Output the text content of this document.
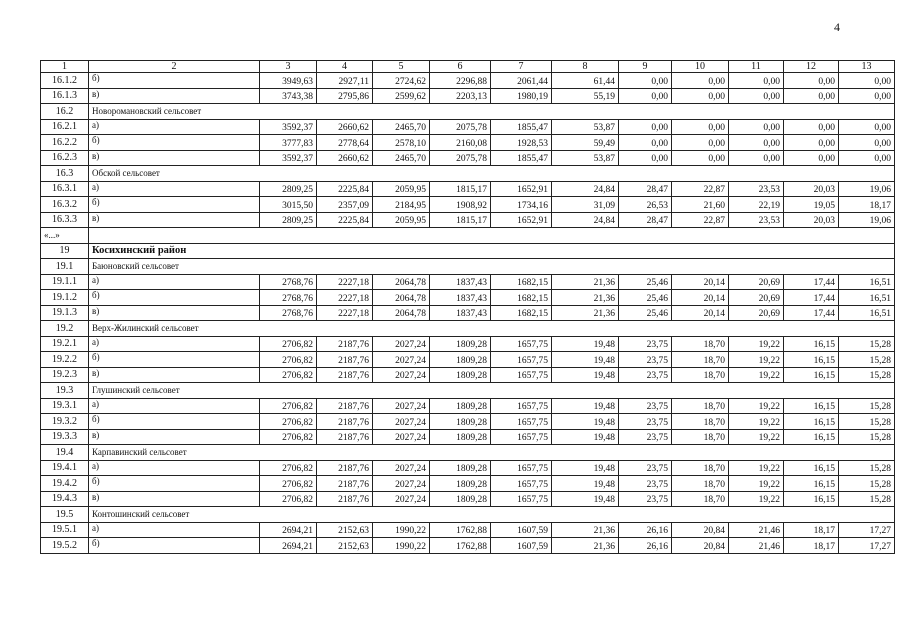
4
1	2	3	4	5	6	7	8	9	10	11	12	13
16.1.2	б)	3949,63	2927,11	2724,62	2296,88	2061,44	61,44	0,00	0,00	0,00	0,00	0,00
16.1.3	в)	3743,38	2795,86	2599,62	2203,13	1980,19	55,19	0,00	0,00	0,00	0,00	0,00
16.2	Новоромановский сельсовет											
16.2.1	а)	3592,37	2660,62	2465,70	2075,78	1855,47	53,87	0,00	0,00	0,00	0,00	0,00
16.2.2	б)	3777,83	2778,64	2578,10	2160,08	1928,53	59,49	0,00	0,00	0,00	0,00	0,00
16.2.3	в)	3592,37	2660,62	2465,70	2075,78	1855,47	53,87	0,00	0,00	0,00	0,00	0,00
16.3	Обской сельсовет											
16.3.1	а)	2809,25	2225,84	2059,95	1815,17	1652,91	24,84	28,47	22,87	23,53	20,03	19,06
16.3.2	б)	3015,50	2357,09	2184,95	1908,92	1734,16	31,09	26,53	21,60	22,19	19,05	18,17
16.3.3	в)	2809,25	2225,84	2059,95	1815,17	1652,91	24,84	28,47	22,87	23,53	20,03	19,06
«...»												
19	Косихинский район											
19.1	Баюновский сельсовет											
19.1.1	а)	2768,76	2227,18	2064,78	1837,43	1682,15	21,36	25,46	20,14	20,69	17,44	16,51
19.1.2	б)	2768,76	2227,18	2064,78	1837,43	1682,15	21,36	25,46	20,14	20,69	17,44	16,51
19.1.3	в)	2768,76	2227,18	2064,78	1837,43	1682,15	21,36	25,46	20,14	20,69	17,44	16,51
19.2	Верх-Жилинский сельсовет											
19.2.1	а)	2706,82	2187,76	2027,24	1809,28	1657,75	19,48	23,75	18,70	19,22	16,15	15,28
19.2.2	б)	2706,82	2187,76	2027,24	1809,28	1657,75	19,48	23,75	18,70	19,22	16,15	15,28
19.2.3	в)	2706,82	2187,76	2027,24	1809,28	1657,75	19,48	23,75	18,70	19,22	16,15	15,28
19.3	Глушинский сельсовет											
19.3.1	а)	2706,82	2187,76	2027,24	1809,28	1657,75	19,48	23,75	18,70	19,22	16,15	15,28
19.3.2	б)	2706,82	2187,76	2027,24	1809,28	1657,75	19,48	23,75	18,70	19,22	16,15	15,28
19.3.3	в)	2706,82	2187,76	2027,24	1809,28	1657,75	19,48	23,75	18,70	19,22	16,15	15,28
19.4	Карпавинский сельсовет											
19.4.1	а)	2706,82	2187,76	2027,24	1809,28	1657,75	19,48	23,75	18,70	19,22	16,15	15,28
19.4.2	б)	2706,82	2187,76	2027,24	1809,28	1657,75	19,48	23,75	18,70	19,22	16,15	15,28
19.4.3	в)	2706,82	2187,76	2027,24	1809,28	1657,75	19,48	23,75	18,70	19,22	16,15	15,28
19.5	Контошинский сельсовет											
19.5.1	а)	2694,21	2152,63	1990,22	1762,88	1607,59	21,36	26,16	20,84	21,46	18,17	17,27
19.5.2	б)	2694,21	2152,63	1990,22	1762,88	1607,59	21,36	26,16	20,84	21,46	18,17	17,27
